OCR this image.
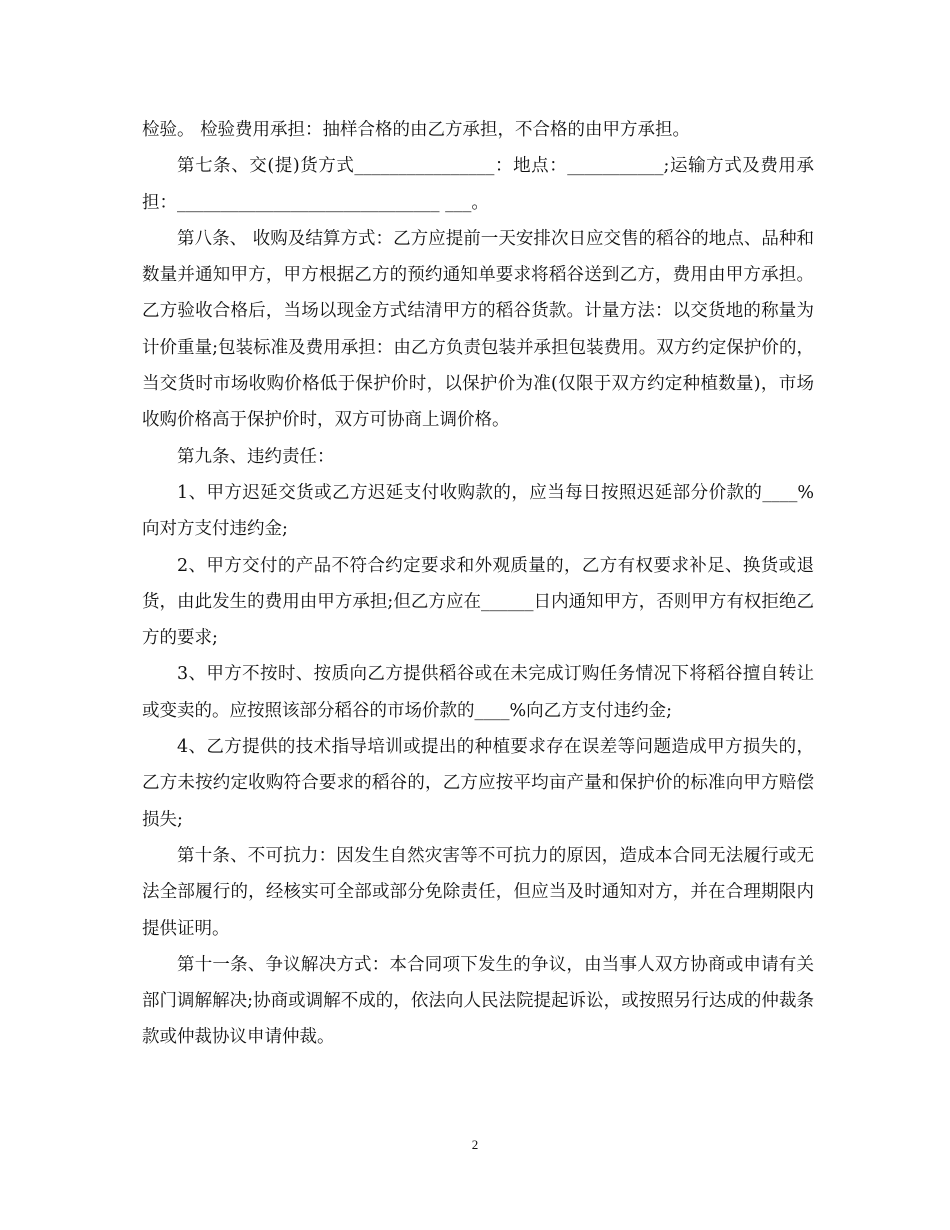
检验。 检验费用承担：抽样合格的由乙方承担，不合格的由甲方承担。

第七条、交(提)货方式________________：地点：___________;运输方式及费用承担：______________________________ ___。

第八条、 收购及结算方式：乙方应提前一天安排次日应交售的稻谷的地点、品种和数量并通知甲方，甲方根据乙方的预约通知单要求将稻谷送到乙方，费用由甲方承担。乙方验收合格后，当场以现金方式结清甲方的稻谷货款。计量方法：以交货地的称量为计价重量;包装标准及费用承担：由乙方负责包装并承担包装费用。双方约定保护价的，当交货时市场收购价格低于保护价时，以保护价为准(仅限于双方约定种植数量)，市场收购价格高于保护价时，双方可协商上调价格。

第九条、违约责任：

1、甲方迟延交货或乙方迟延支付收购款的，应当每日按照迟延部分价款的____%向对方支付违约金;

2、甲方交付的产品不符合约定要求和外观质量的，乙方有权要求补足、换货或退货，由此发生的费用由甲方承担;但乙方应在______日内通知甲方，否则甲方有权拒绝乙方的要求;

3、甲方不按时、按质向乙方提供稻谷或在未完成订购任务情况下将稻谷擅自转让或变卖的。应按照该部分稻谷的市场价款的____%向乙方支付违约金;

4、乙方提供的技术指导培训或提出的种植要求存在误差等问题造成甲方损失的，乙方未按约定收购符合要求的稻谷的，乙方应按平均亩产量和保护价的标准向甲方赔偿损失;

第十条、不可抗力：因发生自然灾害等不可抗力的原因，造成本合同无法履行或无法全部履行的，经核实可全部或部分免除责任，但应当及时通知对方，并在合理期限内提供证明。

第十一条、争议解决方式：本合同项下发生的争议，由当事人双方协商或申请有关部门调解解决;协商或调解不成的，依法向人民法院提起诉讼，或按照另行达成的仲裁条款或仲裁协议申请仲裁。

2
